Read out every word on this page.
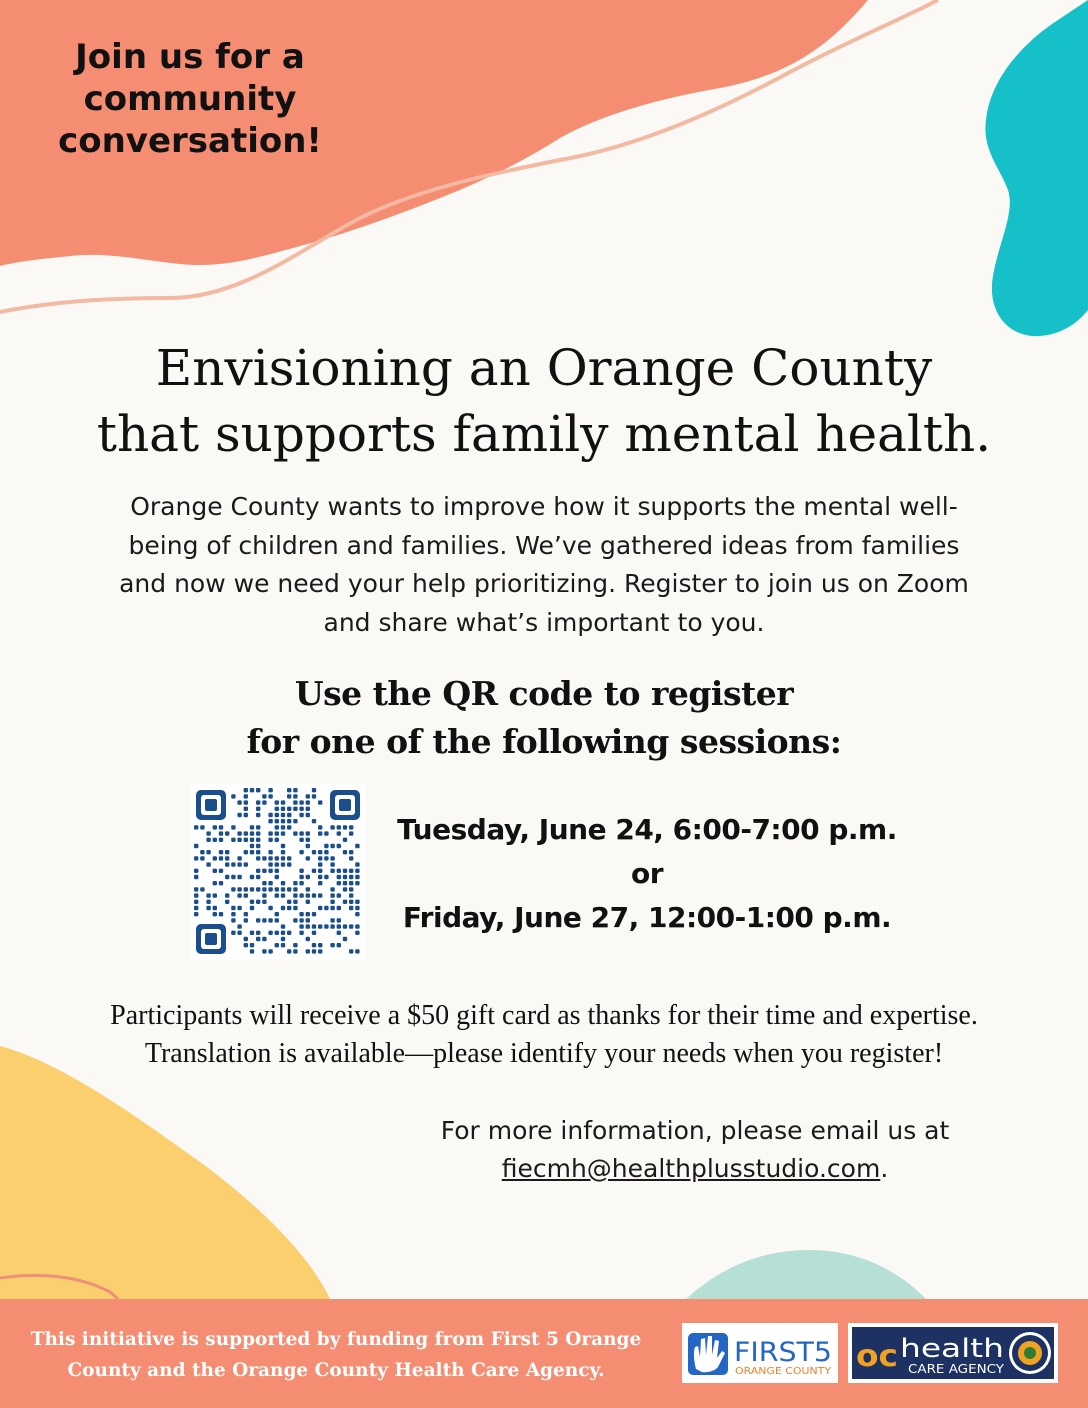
Join us for a
community
conversation!
Envisioning an Orange County
that supports family mental health.
Orange County wants to improve how it supports the mental well-
being of children and families. We’ve gathered ideas from families
and now we need your help prioritizing. Register to join us on Zoom
and share what’s important to you.
Use the QR code to register
for one of the following sessions:
Tuesday, June 24, 6:00-7:00 p.m.
or
Friday, June 27, 12:00-1:00 p.m.
Participants will receive a $50 gift card as thanks for their time and expertise.
Translation is available—please identify your needs when you register!
For more information, please email us at
fiecmh@healthplusstudio.com.
This initiative is supported by funding from First 5 Orange
County and the Orange County Health Care Agency.
FIRST5
ORANGE COUNTY oc health
CARE AGENCY
